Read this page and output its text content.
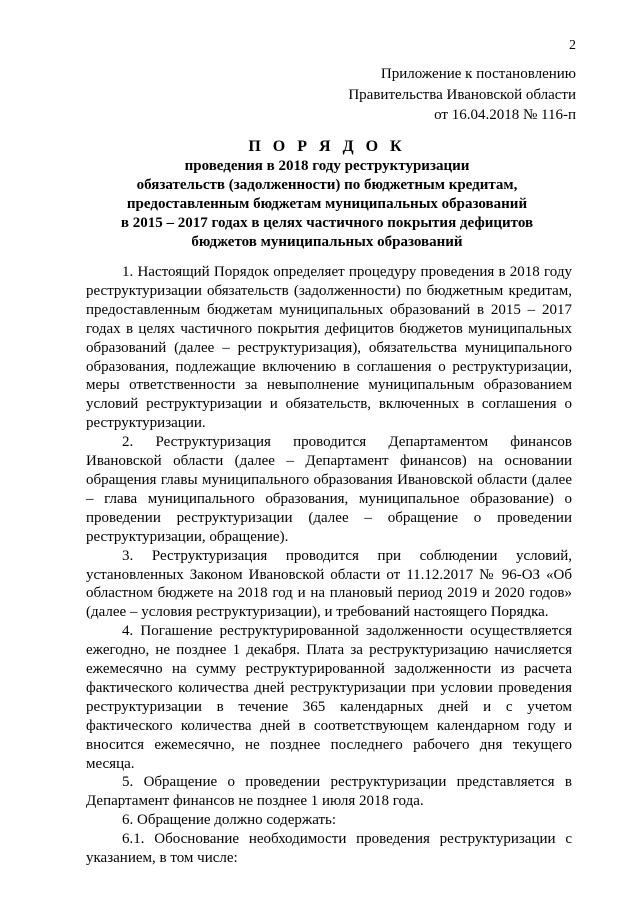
2
Приложение к постановлению
Правительства Ивановской области
от 16.04.2018 № 116-п
П О Р Я Д О К
проведения в 2018 году реструктуризации
обязательств (задолженности) по бюджетным кредитам,
предоставленным бюджетам муниципальных образований
в 2015 – 2017 годах в целях частичного покрытия дефицитов
бюджетов муниципальных образований

1. Настоящий Порядок определяет процедуру проведения в 2018 году реструктуризации обязательств (задолженности) по бюджетным кредитам, предоставленным бюджетам муниципальных образований в 2015 – 2017 годах в целях частичного покрытия дефицитов бюджетов муниципальных образований (далее – реструктуризация), обязательства муниципального образования, подлежащие включению в соглашения о реструктуризации, меры ответственности за невыполнение муниципальным образованием условий реструктуризации и обязательств, включенных в соглашения о реструктуризации.

2. Реструктуризация проводится Департаментом финансов Ивановской области (далее – Департамент финансов) на основании обращения главы муниципального образования Ивановской области (далее – глава муниципального образования, муниципальное образование) о проведении реструктуризации (далее – обращение о проведении реструктуризации, обращение).

3. Реструктуризация проводится при соблюдении условий, установленных Законом Ивановской области от 11.12.2017 № 96-ОЗ «Об областном бюджете на 2018 год и на плановый период 2019 и 2020 годов» (далее – условия реструктуризации), и требований настоящего Порядка.

4. Погашение реструктурированной задолженности осуществляется ежегодно, не позднее 1 декабря. Плата за реструктуризацию начисляется ежемесячно на сумму реструктурированной задолженности из расчета фактического количества дней реструктуризации при условии проведения реструктуризации в течение 365 календарных дней и с учетом фактического количества дней в соответствующем календарном году и вносится ежемесячно, не позднее последнего рабочего дня текущего месяца.

5. Обращение о проведении реструктуризации представляется в Департамент финансов не позднее 1 июля 2018 года.

6. Обращение должно содержать:

6.1. Обоснование необходимости проведения реструктуризации с указанием, в том числе:
